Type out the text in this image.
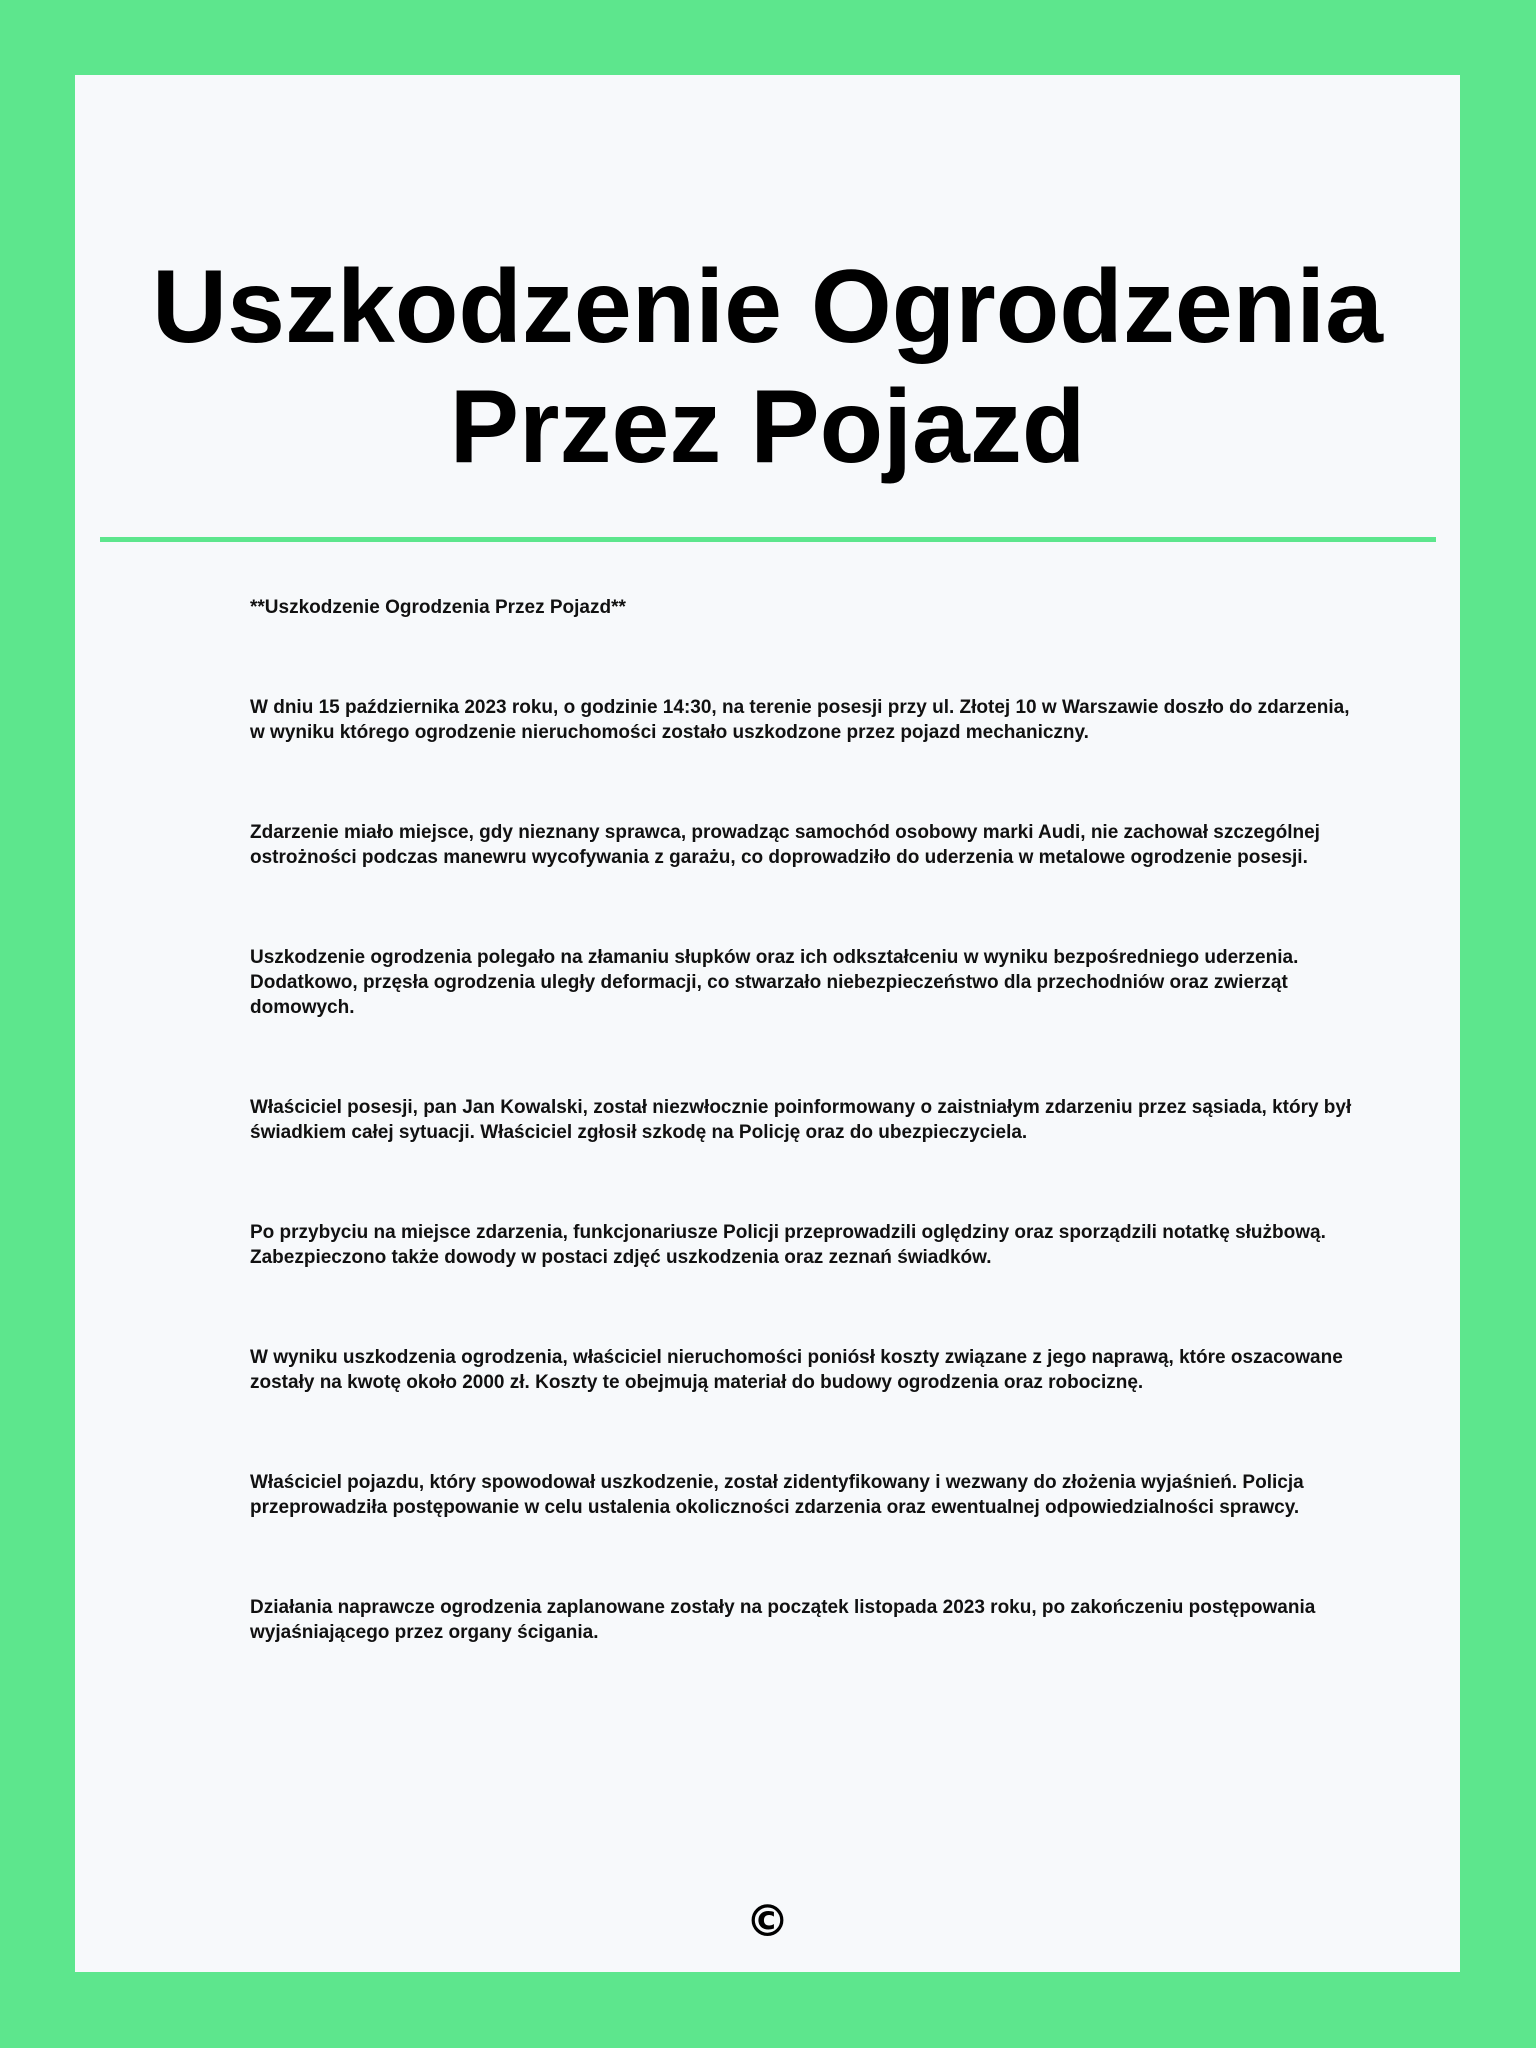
Uszkodzenie Ogrodzenia
Przez Pojazd

**Uszkodzenie Ogrodzenia Przez Pojazd**

W dniu 15 października 2023 roku, o godzinie 14:30, na terenie posesji przy ul. Złotej 10 w Warszawie doszło do zdarzenia, w wyniku którego ogrodzenie nieruchomości zostało uszkodzone przez pojazd mechaniczny.

Zdarzenie miało miejsce, gdy nieznany sprawca, prowadząc samochód osobowy marki Audi, nie zachował szczególnej ostrożności podczas manewru wycofywania z garażu, co doprowadziło do uderzenia w metalowe ogrodzenie posesji.

Uszkodzenie ogrodzenia polegało na złamaniu słupków oraz ich odkształceniu w wyniku bezpośredniego uderzenia. Dodatkowo, przęsła ogrodzenia uległy deformacji, co stwarzało niebezpieczeństwo dla przechodniów oraz zwierząt domowych.

Właściciel posesji, pan Jan Kowalski, został niezwłocznie poinformowany o zaistniałym zdarzeniu przez sąsiada, który był świadkiem całej sytuacji. Właściciel zgłosił szkodę na Policję oraz do ubezpieczyciela.

Po przybyciu na miejsce zdarzenia, funkcjonariusze Policji przeprowadzili oględziny oraz sporządzili notatkę służbową. Zabezpieczono także dowody w postaci zdjęć uszkodzenia oraz zeznań świadków.

W wyniku uszkodzenia ogrodzenia, właściciel nieruchomości poniósł koszty związane z jego naprawą, które oszacowane zostały na kwotę około 2000 zł. Koszty te obejmują materiał do budowy ogrodzenia oraz robociznę.

Właściciel pojazdu, który spowodował uszkodzenie, został zidentyfikowany i wezwany do złożenia wyjaśnień. Policja przeprowadziła postępowanie w celu ustalenia okoliczności zdarzenia oraz ewentualnej odpowiedzialności sprawcy.

Działania naprawcze ogrodzenia zaplanowane zostały na początek listopada 2023 roku, po zakończeniu postępowania wyjaśniającego przez organy ścigania.

©
